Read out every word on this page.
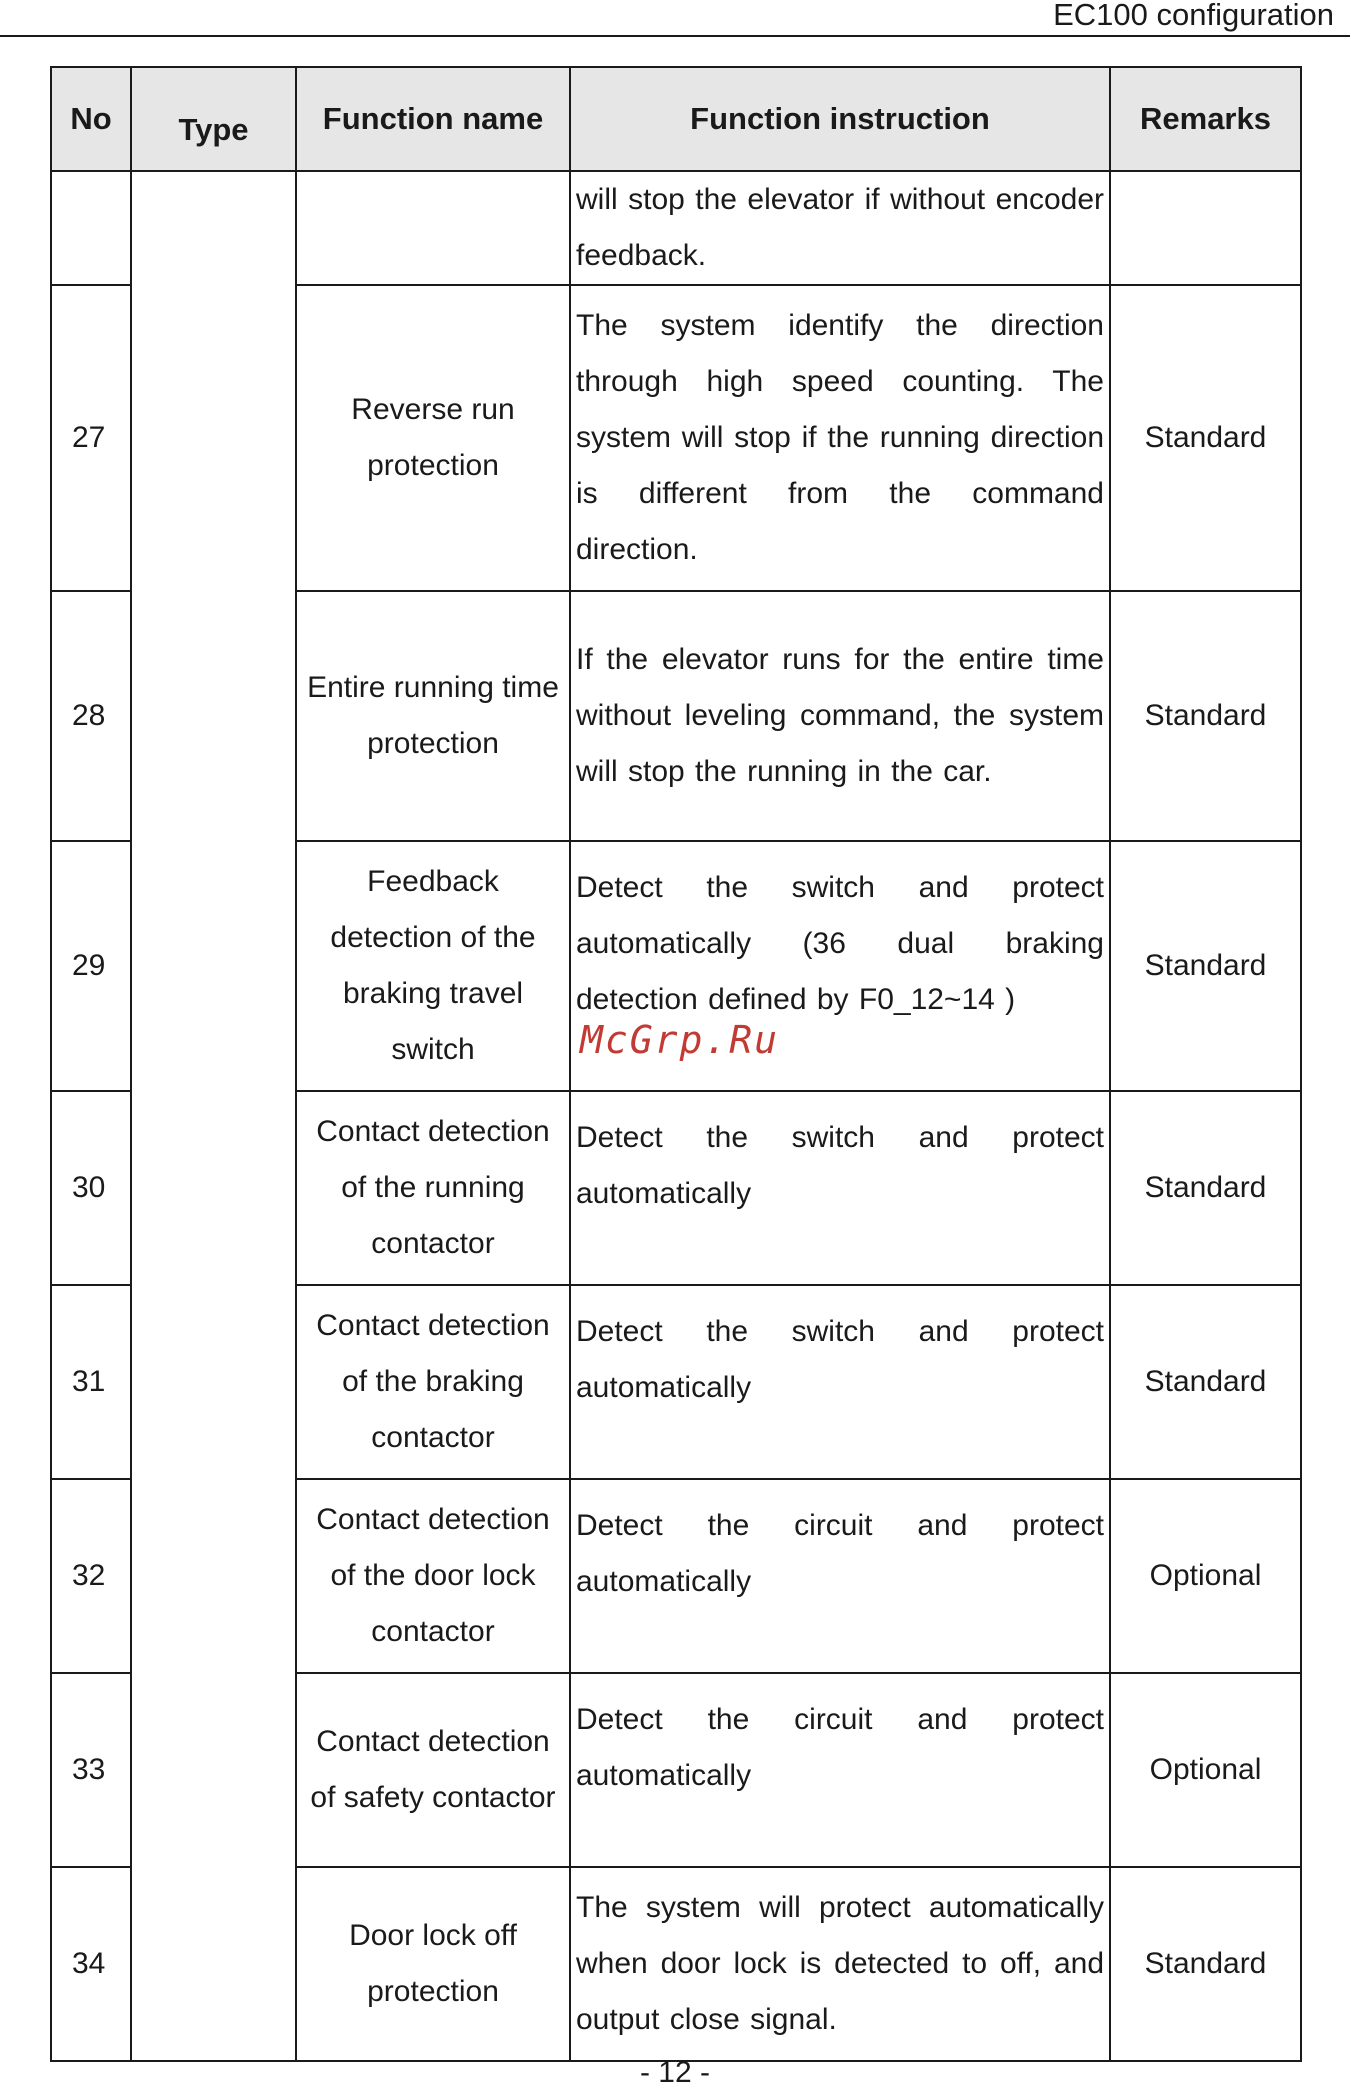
EC100 configuration
No	Type	Function name	Function instruction	Remarks
			will stop the elevator if without encoder feedback.	
27		Reverse run protection	The system identify the direction through high speed counting. The system will stop if the running direction is different from the command direction.	Standard
28		Entire running time protection	If the elevator runs for the entire time without leveling command, the system will stop the running in the car.	Standard
29		Feedback detection of the braking travel switch	Detect the switch and protect automatically (36 dual braking detection defined by F0_12~14 )	Standard
30		Contact detection of the running contactor	Detect the switch and protect automatically	Standard
31		Contact detection of the braking contactor	Detect the switch and protect automatically	Standard
32		Contact detection of the door lock contactor	Detect the circuit and protect automatically	Optional
33		Contact detection of safety contactor	Detect the circuit and protect automatically	Optional
34		Door lock off protection	The system will protect automatically when door lock is detected to off, and output close signal.	Standard
McGrp.Ru
- 12 -
